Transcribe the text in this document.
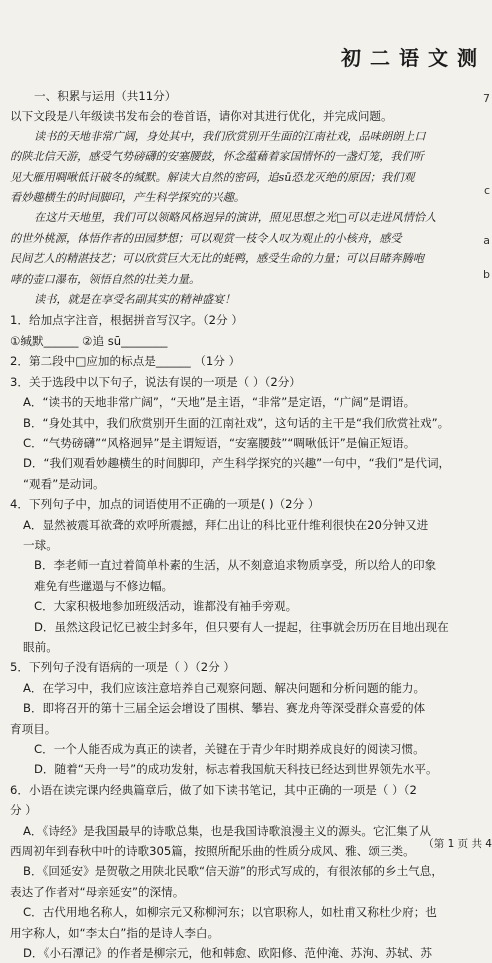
初二语文测
7
c
a
b
一、积累与运用（共11分）
以下文段是八年级读书发布会的卷首语，请你对其进行优化，并完成问题。
读书的天地非常广阔，身处其中，我们欣赏别开生面的江南社戏，品味朗朗上口
的陕北信天游，感受气势磅礴的安塞腰鼓，怀念蕴藉着家国情怀的一盏灯笼，我们听
见大雁用啁啾低讦破冬的缄默。解读大自然的密码，追sū恐龙灭绝的原因；我们观
看妙趣横生的时间脚印，产生科学探究的兴趣。
在这片天地里，我们可以领略风格迥异的演讲，照见思想之光□可以走进风情恰人
的世外桃源，体悟作者的田园梦想；可以观赏一枝令人叹为观止的小核舟，感受
民间艺人的精湛技艺；可以欣赏巨大无比的蚝鸭，感受生命的力量；可以目睹奔腾咆
哮的壶口瀑布，领悟自然的壮美力量。
读书，就是在享受名副其实的精神盛宴！
1．给加点字注音，根据拼音写汉字。（2分 ）
①缄默______ ②追 sū________
2．第二段中□应加的标点是______ （1分 ）
3．关于选段中以下句子，说法有误的一项是（ ）（2分）
A．“读书的天地非常广阔”，“天地”是主语，“非常”是定语，“广阔”是谓语。
B．“身处其中，我们欣赏别开生面的江南社戏”，这句话的主干是“我们欣赏社戏”。
C．“气势磅礴”“风格迥异”是主谓短语，“安塞腰鼓”“啁啾低讦”是偏正短语。
D．“我们观看妙趣横生的时间脚印，产生科学探究的兴趣”一句中，“我们”是代词，
“观看”是动词。
4．下列句子中，加点的词语使用不正确的一项是( )（2分 ）
A．显然被震耳欲聋的欢呼所震撼，拜仁出让的科比亚什维利很快在20分钟又进
一球。
B．李老师一直过着简单朴素的生活，从不刻意追求物质享受，所以给人的印象
难免有些邋遢与不修边幅。
C．大家积极地参加班级活动，谁都没有袖手旁观。
D．虽然这段记忆已被尘封多年，但只要有人一提起，往事就会历历在目地出现在
眼前。
5．下列句子没有语病的一项是（ ）（2分 ）
A．在学习中，我们应该注意培养自己观察问题、解决问题和分析问题的能力。
B．即将召开的第十三届全运会增设了围棋、攀岩、赛龙舟等深受群众喜爱的体
育项目。
C．一个人能否成为真正的读者，关键在于青少年时期养成良好的阅读习惯。
D．随着“天舟一号”的成功发射，标志着我国航天科技已经达到世界领先水平。
6．小语在读完课内经典篇章后，做了如下读书笔记，其中正确的一项是（ ）（2
分 ）
A．《诗经》是我国最早的诗歌总集，也是我国诗歌浪漫主义的源头。它汇集了从
西周初年到春秋中叶的诗歌305篇，按照所配乐曲的性质分成风、雅、颂三类。
B．《回延安》是贺敬之用陕北民歌“信天游”的形式写成的，有很浓郁的乡土气息，
表达了作者对“母亲延安”的深情。
C．古代用地名称人，如柳宗元又称柳河东；以官职称人，如杜甫又称杜少府；也
用字称人，如“李太白”指的是诗人李白。
D．《小石潭记》的作者是柳宗元，他和韩愈、欧阳修、范仲淹、苏洵、苏轼、苏
（第 1 页 共 4
